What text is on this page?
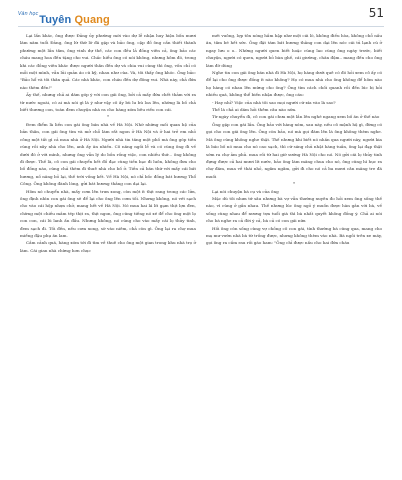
Văn học Tuyên Quang	51

Lại lần khác, ông được Đảng ủy phường mời vào dự lễ nhận huy hiệu bốn mươi lăm năm tuổi Đảng, ông lữ thữ lỡ đã gặp và bảo ông, cập đồ ông cần thiết thành phường một lần tâm, ông vinh dự thế, các con đều lả đồng viên cả, ông bảo các cháu mang hoa đến tặng cho vui. Chắc hiểu ông có nói không, nhưng hôm đó, trong khi các đồng viên khác được người thân đến dự và chia vui cùng thì ông, vốn chỉ có mỗi một mình, vẫn lủi quản áo cũ kỹ, nhau như cùa. Và, tôi thấy ông khóc. Ông bảo: "Bảo hổ và tôi thân quả. Các nhà khác, con cháu đến dự đông vui. Nhà này, chả đứa nào thèm đến!"

Ấy thế, nhưng chả ai dám góp ý với con gái ông, bởi cả mấy đứa chết thảm với ra từ nước ngoài, có ai mà nói gì là ý như vậy cô ấy bù lu bù loa lên, những là bố chả biết thương con, toàn đem chuyện nhà ra cho hàng xóm bêu riếu con cái.

*

Đem điểm là liền con gái ông bán nhà về Hà Nội. Nhờ những mối quan hệ của bản thân, con gái ông tìm và mở chỗ làm rất ngon ở Hà Nội và ở hai trẻ em nhỏ công một tất gì cả mua nhà ở Hà Nội. Người nhà tin tăng một phố mà ông góp tiền cùng rồi xây nhà cho lên, anh ấy ăn nhiều. Cô năng ngồi lễ và có cùng ông đi về dưới đó ở với mình, nhưng ông vẫn lý do bồn rồng việc, con nhiều thứ... ông không đi được. Thế là, cô con gái chuyển hết đồ đạc cùng tiền bạc đi luôn, không đưa cho bố đồng nào, cũng chả thèm đi thuê nhà cho bố ở. Tiền cả bán thứ với mấy cái bát hương, nồ năng bỏ lại, thế trời vống kết. Về Hà Nội, nó chỉ bốc đồng bát hương Thổ Công. Ông không đành lòng, gửi bát hương thắng con dại lại.

Hôm nó chuyển nhà, mấy cơm lên trưa xong, còn một ít thịt rang trong các lửa, ông định nhìn con gái ông sẽ để lại cho ông lên cơm tối. Nhưng không, nó vét sạch cho vào cái hộp nhựa chở, mang hết về Hà Nội. Nó mua hai lá lít gạm thịt lợn đen, chừng một chiều mắm tép thịt ra, thịt ngon, ông cũng tiếng nó xé để cho ông một lọ con con, cái lũ lanh ấn đấu. Nhưng không, nó cũng cho vào mấy cái lọ thủy tinh, đem sạch đi. Tối đến, nếu cơm xong, sờ vào niêm, chả còn gì. Ông lại ra chợ mua miếng đậu phụ ăn lam.

Cầm cảnh quá, hàng xóm tới đi tìm về thuê cho ông một gian trong khu nhà trọ ở làm. Cái gian nhà chừng hơn chục

mét vuông, lợp tôn nóng hầm hập như một cái lò, không điều hòa, không chỗ nấu ăn, tâm bé hết sức. Ông đặt tám bát hương thằng con dại lên nóc cái tủ lạnh cũ ở ngay lưu o o.. Những người quen biết hoặc cùng lao cùng ông ngày trước, biết chuyện, người có quen, người bỏ bàn ghế, cái giường, chăn đệm.. mang đến cho ông làm đỡ dùng

Nghe tin con gái ông bán nhà đi Hà Nội, họ hàng dưới quê có đó hỏi xem cô ấy có để lại cho ông được đồng ít nào không? Họ có mua nhà cho ông không để hôm nào họ hàng có nhau lên mừng cho ông? Ông tìm cách chối quanh rồi đến lúc bị hỏi nhiều quá, không thể biến nhận được, ông cáu:

- Hay nhỉ? Việc của nhà tôi sao mọi người cứ xía vào là sao?

Thế là chả ai dám hỏi thêm câu nào nữa.

Từ ngày chuyển đi, cô con gái chưa một lần lên nghé ngang xem bố ăn ở thế nào

Ông gặp con gái lần. Ông bảo với hàng xóm, sau này, nếu cô mệnh hệ gì, đừng có gọi cho con gái ông lên. Ông còn bảo, nó mà gọi đám lên là ông không thèm nghe. Mà ông cũng không nghe thật. Thế nhưng khi biết nó nhắn qua người này, người kia là báo bố nó mua cho nó cao sạch, thì cứ sáng chủ nhật hàng tuần, ông lại đạp thật sớm ra chợ ảm phủ. mua rồi từ hai giờ sướng Hà Nội cho nó. Nó gửi cái lọ thủy tinh đựng được cả hai mươi lít nước, bảo ông làm măng chua cho nó, ông cũng hì hục ra chợ đám, mua về thái nhỏ, ngâm ngâm, gửi đi cho nó cả ba mươi cân măng tre đá muối

*

Lại nói chuyện bà cụ và của ông

Mặc dù tôi nhưa tứ sâu nhưng bà vợ vẫn thường xuyên đo hỏi xem ông sống thế nào, vì cùng ở gần nhau. Thế nhưng lúc ông ngỏ ý muốn được hàn gắn với bà, về sống cùng nhau để nương tựa tuổi già thì bà nhất quyết không đồng ý. Chả ai nói cho bà nghe ra cả đời ý cả, bà cả có con gái nữa

Hồi ông còn sống cùng vợ chồng cô con gái, tính thường bà cũng qua, mang cho mẹ mư vườn nhà bà từ trồng được, nhưng không thèm vào nhà. Bà ngồi trên xe máy, gọi ông ra cầm rau rồi gào ham: "Ông chỉ được nấu cho hai đứa cháu
